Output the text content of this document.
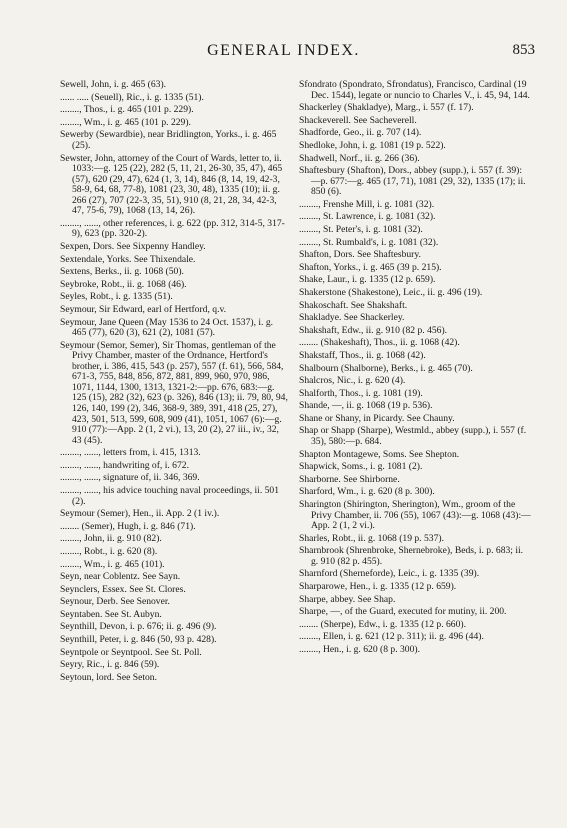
GENERAL INDEX.	853
Sewell, John, i. g. 465 (63).
...... ..... (Seuell), Ric., i. g. 1335 (51).
........, Thos., i. g. 465 (101 p. 229).
........, Wm., i. g. 465 (101 p. 229).
Sewerby (Sewardbie), near Bridlington, Yorks., i. g. 465 (25).
Sewster, John, attorney of the Court of Wards, letter to, ii. 1033:—g. 125 (22), 282 (5, 11, 21, 26-30, 35, 47), 465 (57), 620 (29, 47), 624 (1, 3, 14), 846 (8, 14, 19, 42-3, 58-9, 64, 68, 77-8), 1081 (23, 30, 48), 1335 (10); ii. g. 266 (27), 707 (22-3, 35, 51), 910 (8, 21, 28, 34, 42-3, 47, 75-6, 79), 1068 (13, 14, 26).
........, ......, other references, i. g. 622 (pp. 312, 314-5, 317-9), 623 (pp. 320-2).
Sexpen, Dors. See Sixpenny Handley.
Sextendale, Yorks. See Thixendale.
Sextens, Berks., ii. g. 1068 (50).
Seybroke, Robt., ii. g. 1068 (46).
Seyles, Robt., i. g. 1335 (51).
Seymour, Sir Edward, earl of Hertford, q.v.
Seymour, Jane Queen (May 1536 to 24 Oct. 1537), i. g. 465 (77), 620 (3), 621 (2), 1081 (57).
Seymour (Semor, Semer), Sir Thomas, gentleman of the Privy Chamber, master of the Ordnance, Hertford's brother, i. 386, 415, 543 (p. 257), 557 (f. 61), 566, 584, 671-3, 755, 848, 856, 872, 881, 899, 960, 970, 986, 1071, 1144, 1300, 1313, 1321-2:—pp. 676, 683:—g. 125 (15), 282 (32), 623 (p. 326), 846 (13); ii. 79, 80, 94, 126, 140, 199 (2), 346, 368-9, 389, 391, 418 (25, 27), 423, 501, 513, 599, 608, 909 (41), 1051, 1067 (6):—g. 910 (77):—App. 2 (1, 2 vi.), 13, 20 (2), 27 iii., iv., 32, 43 (45).
........, ......, letters from, i. 415, 1313.
........, ......, handwriting of, i. 672.
........, ......, signature of, ii. 346, 369.
........, ......, his advice touching naval proceedings, ii. 501 (2).
Seymour (Semer), Hen., ii. App. 2 (1 iv.).
........ (Semer), Hugh, i. g. 846 (71).
........, John, ii. g. 910 (82).
........, Robt., i. g. 620 (8).
........, Wm., i. g. 465 (101).
Seyn, near Coblentz. See Sayn.
Seynclers, Essex. See St. Clores.
Seynour, Derb. See Senover.
Seyntaben. See St. Aubyn.
Seynthill, Devon, i. p. 676; ii. g. 496 (9).
Seynthill, Peter, i. g. 846 (50, 93 p. 428).
Seyntpole or Seyntpool. See St. Poll.
Seyry, Ric., i. g. 846 (59).
Seytoun, lord. See Seton.
Sfondrato (Spondrato, Sfrondatus), Francisco, Cardinal (19 Dec. 1544), legate or nuncio to Charles V., i. 45, 94, 144.
Shackerley (Shakladye), Marg., i. 557 (f. 17).
Shackeverell. See Sacheverell.
Shadforde, Geo., ii. g. 707 (14).
Shedloke, John, i. g. 1081 (19 p. 522).
Shadwell, Norf., ii. g. 266 (36).
Shaftesbury (Shafton), Dors., abbey (supp.), i. 557 (f. 39):—p. 677:—g. 465 (17, 71), 1081 (29, 32), 1335 (17); ii. 850 (6).
........, Frenshe Mill, i. g. 1081 (32).
........, St. Lawrence, i. g. 1081 (32).
........, St. Peter's, i. g. 1081 (32).
........, St. Rumbald's, i. g. 1081 (32).
Shafton, Dors. See Shaftesbury.
Shafton, Yorks., i. g. 465 (39 p. 215).
Shake, Laur., i. g. 1335 (12 p. 659).
Shakerstone (Shakestone), Leic., ii. g. 496 (19).
Shakoschaft. See Shakshaft.
Shakladye. See Shackerley.
Shakshaft, Edw., ii. g. 910 (82 p. 456).
........ (Shakeshaft), Thos., ii. g. 1068 (42).
Shakstaff, Thos., ii. g. 1068 (42).
Shalbourn (Shalborne), Berks., i. g. 465 (70).
Shalcros, Nic., i. g. 620 (4).
Shalforth, Thos., i. g. 1081 (19).
Shande, —, ii. g. 1068 (19 p. 536).
Shane or Shany, in Picardy. See Chauny.
Shap or Shapp (Sharpe), Westmld., abbey (supp.), i. 557 (f. 35), 580:—p. 684.
Shapton Montagewe, Soms. See Shepton.
Shapwick, Soms., i. g. 1081 (2).
Sharborne. See Shirborne.
Sharford, Wm., i. g. 620 (8 p. 300).
Sharington (Shirington, Sherington), Wm., groom of the Privy Chamber, ii. 706 (55), 1067 (43):—g. 1068 (43):—App. 2 (1, 2 vi.).
Sharles, Robt., ii. g. 1068 (19 p. 537).
Sharnbrook (Shrenbroke, Shernebroke), Beds, i. p. 683; ii. g. 910 (82 p. 455).
Sharnford (Sherneforde), Leic., i. g. 1335 (39).
Sharparowe, Hen., i. g. 1335 (12 p. 659).
Sharpe, abbey. See Shap.
Sharpe, —, of the Guard, executed for mutiny, ii. 200.
........ (Sherpe), Edw., i. g. 1335 (12 p. 660).
........, Ellen, i. g. 621 (12 p. 311); ii. g. 496 (44).
........, Hen., i. g. 620 (8 p. 300).
